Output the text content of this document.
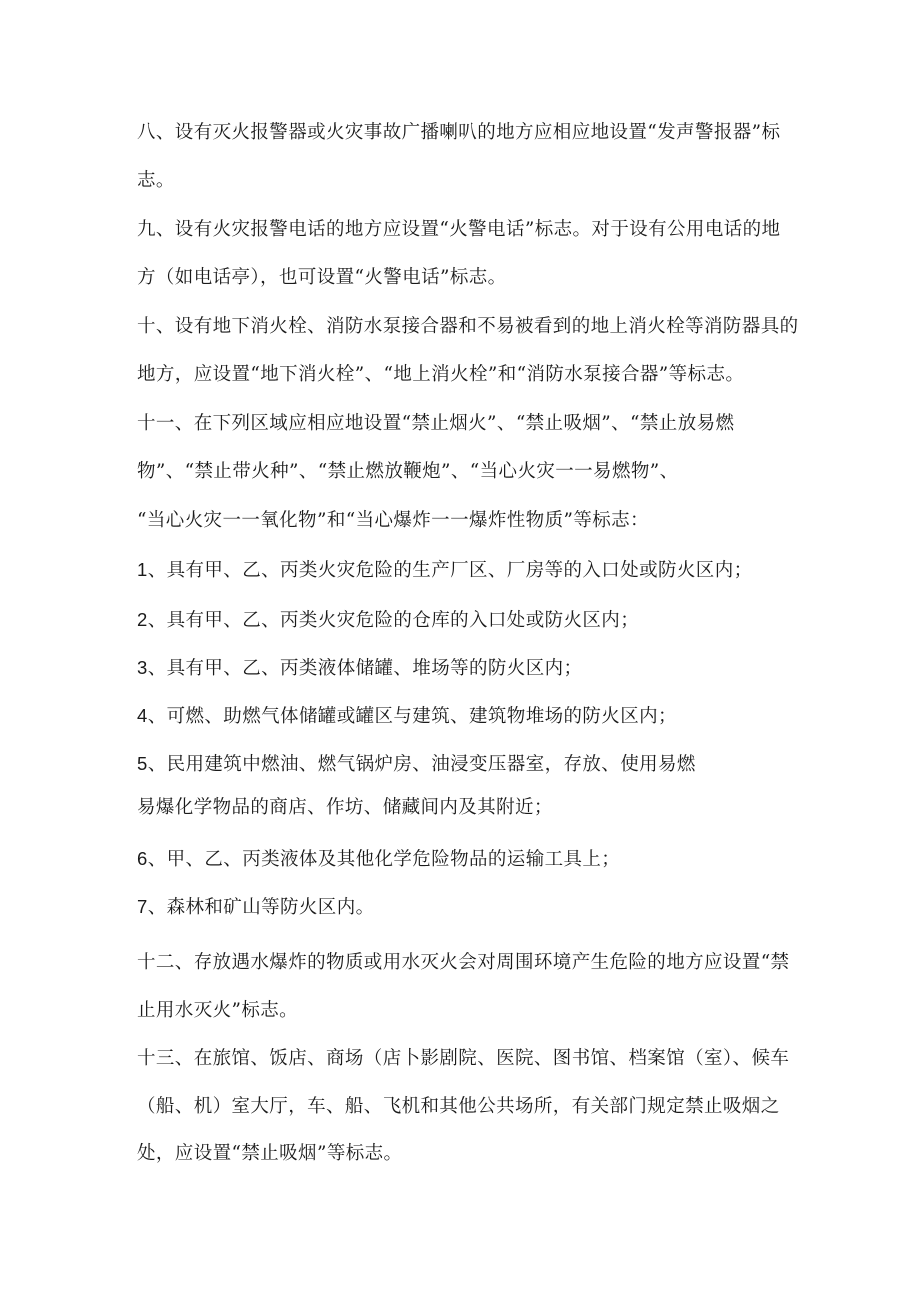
八、设有灭火报警器或火灾事故广播喇叭的地方应相应地设置“发声警报器”标
志。
九、设有火灾报警电话的地方应设置“火警电话”标志。对于设有公用电话的地
方（如电话亭），也可设置“火警电话”标志。
十、设有地下消火栓、消防水泵接合器和不易被看到的地上消火栓等消防器具的
地方，应设置“地下消火栓”、“地上消火栓”和“消防水泵接合器”等标志。
十一、在下列区域应相应地设置“禁止烟火”、“禁止吸烟”、“禁止放易燃
物”、“禁止带火种”、“禁止燃放鞭炮”、“当心火灾一一易燃物”、
“当心火灾一一氧化物”和“当心爆炸一一爆炸性物质”等标志：
1、具有甲、乙、丙类火灾危险的生产厂区、厂房等的入口处或防火区内；
2、具有甲、乙、丙类火灾危险的仓库的入口处或防火区内；
3、具有甲、乙、丙类液体储罐、堆场等的防火区内；
4、可燃、助燃气体储罐或罐区与建筑、建筑物堆场的防火区内；
5、民用建筑中燃油、燃气锅炉房、油浸变压器室，存放、使用易燃
易爆化学物品的商店、作坊、储藏间内及其附近；
6、甲、乙、丙类液体及其他化学危险物品的运输工具上；
7、森林和矿山等防火区内。
十二、存放遇水爆炸的物质或用水灭火会对周围环境产生危险的地方应设置“禁
止用水灭火”标志。
十三、在旅馆、饭店、商场（店卜影剧院、医院、图书馆、档案馆（室）、候车
（船、机）室大厅，车、船、飞机和其他公共场所，有关部门规定禁止吸烟之
处，应设置“禁止吸烟”等标志。
